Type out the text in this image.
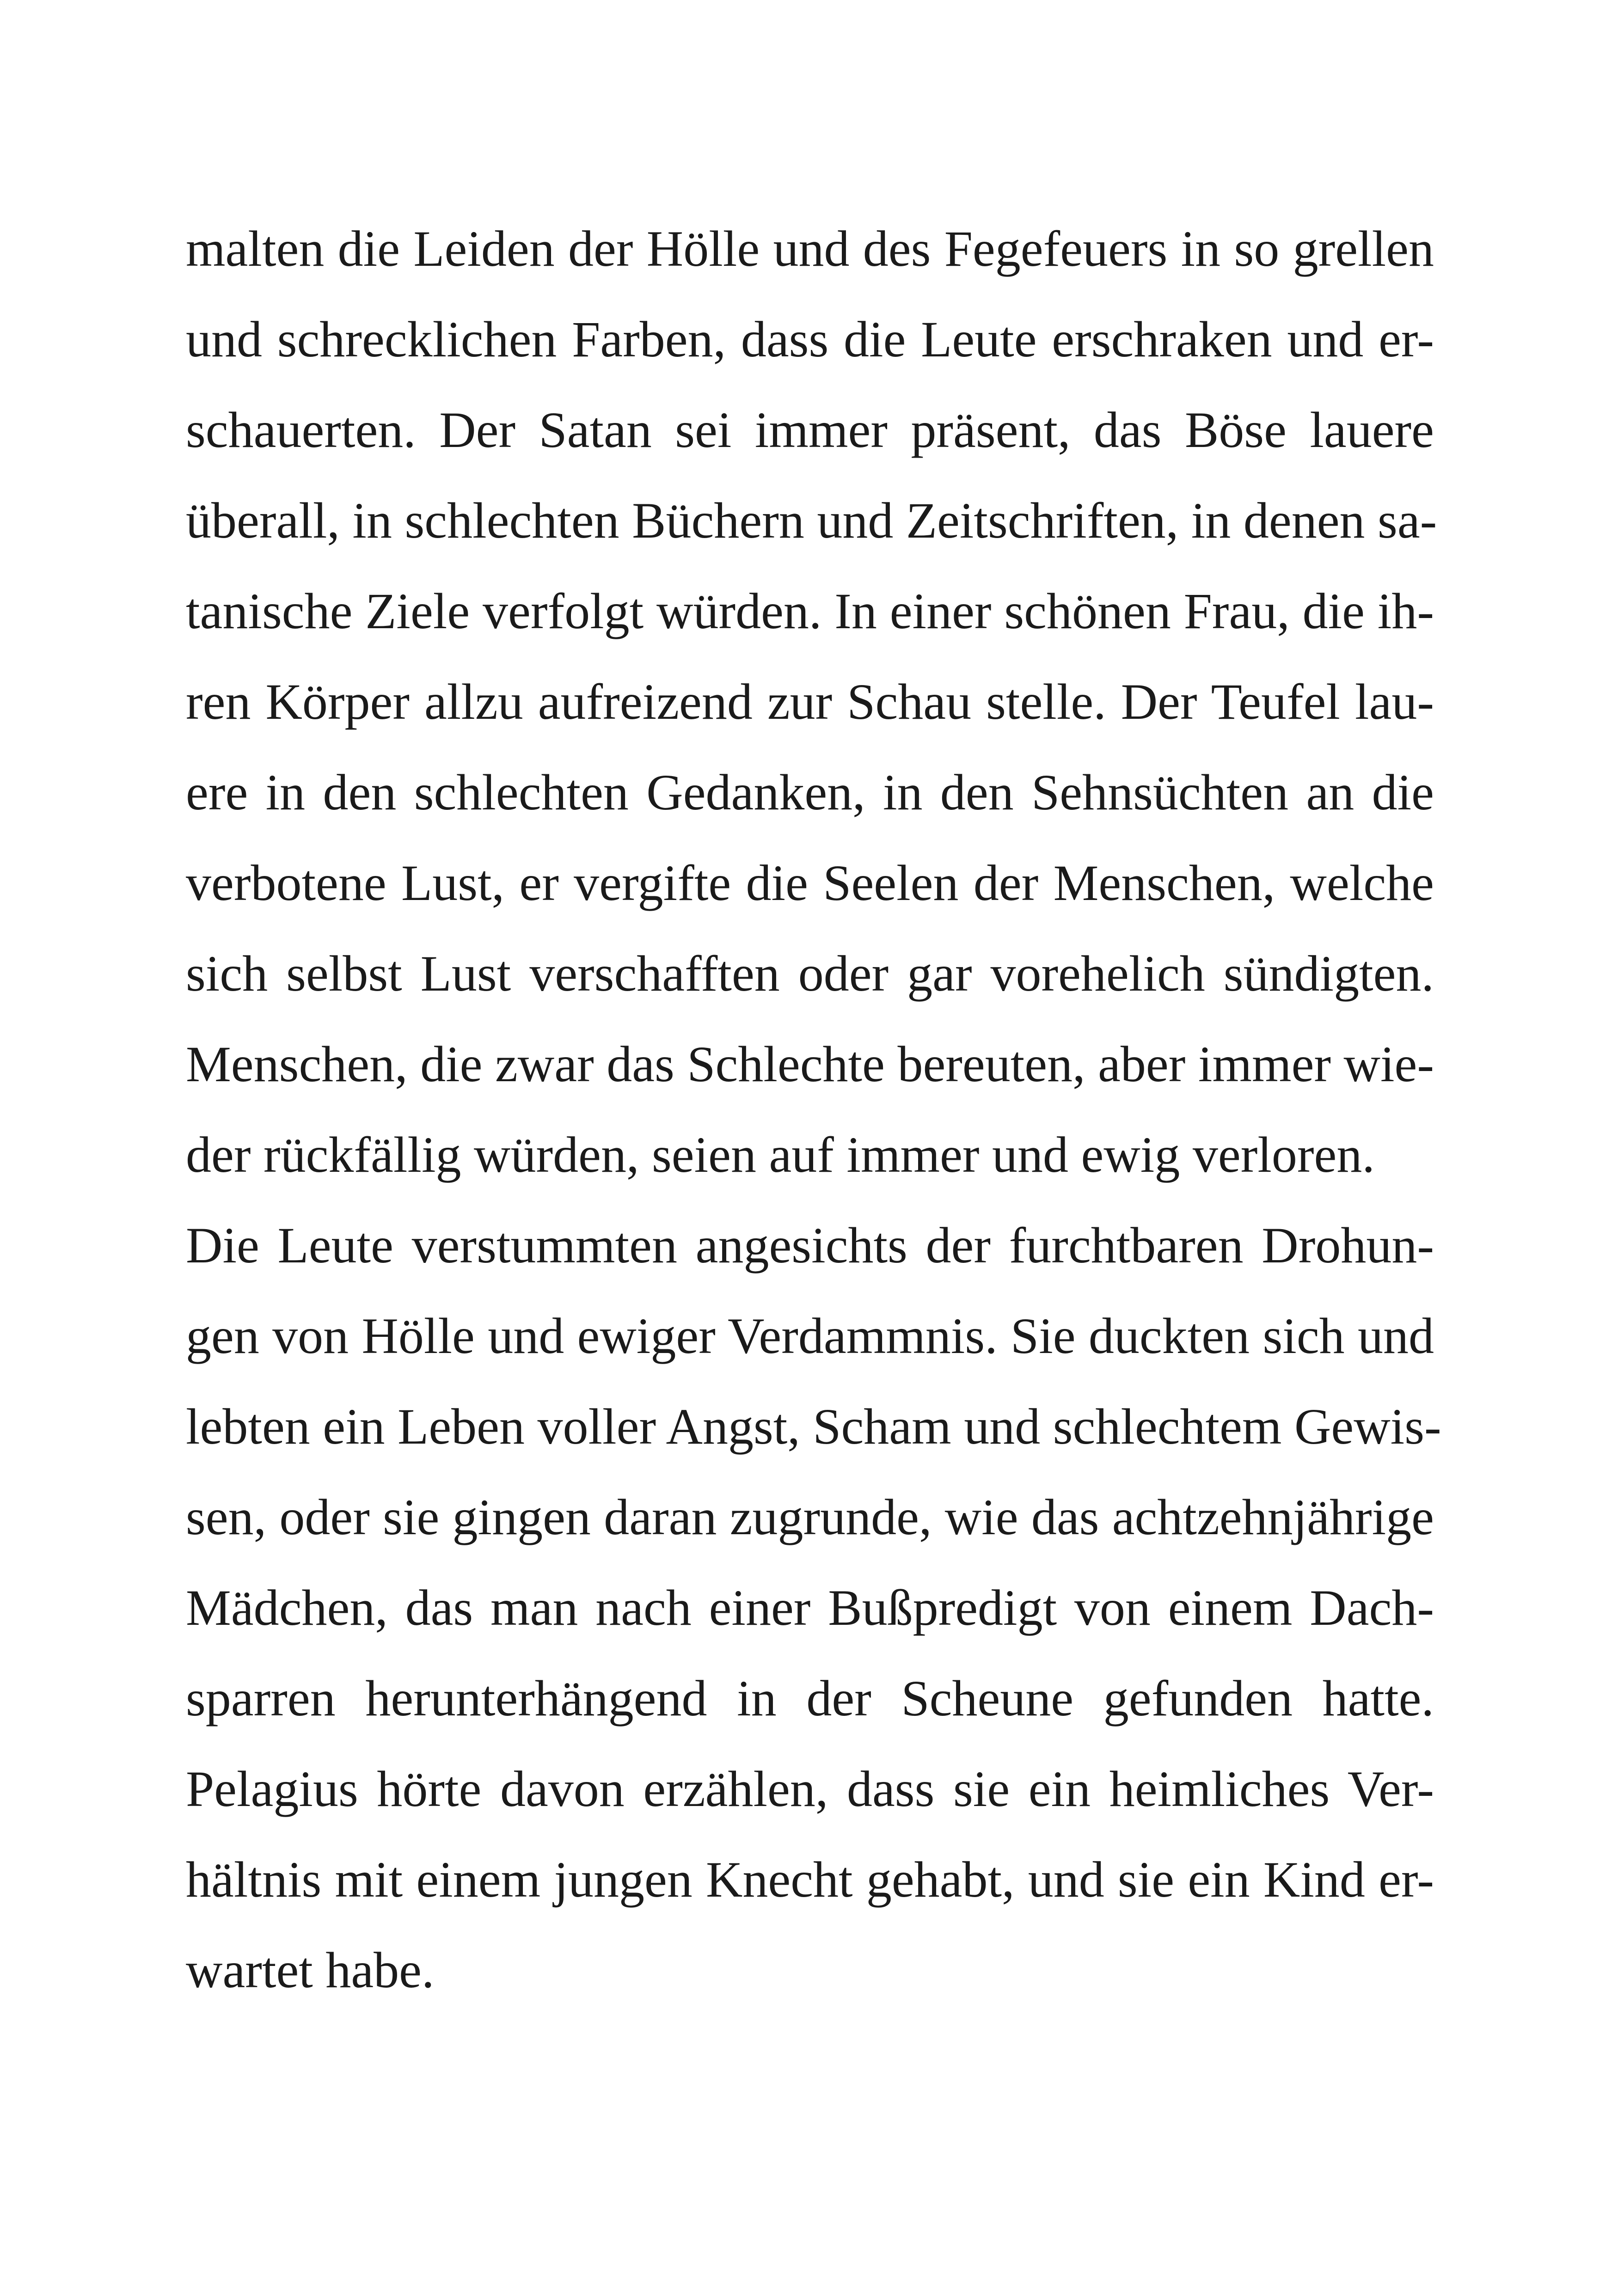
malten die Leiden der Hölle und des Fegefeuers in so grellen
und schrecklichen Farben, dass die Leute erschraken und er-
schauerten. Der Satan sei immer präsent, das Böse lauere
überall, in schlechten Büchern und Zeitschriften, in denen sa-
tanische Ziele verfolgt würden. In einer schönen Frau, die ih-
ren Körper allzu aufreizend zur Schau stelle. Der Teufel lau-
ere in den schlechten Gedanken, in den Sehnsüchten an die
verbotene Lust, er vergifte die Seelen der Menschen, welche
sich selbst Lust verschafften oder gar vorehelich sündigten.
Menschen, die zwar das Schlechte bereuten, aber immer wie-
der rückfällig würden, seien auf immer und ewig verloren.
Die Leute verstummten angesichts der furchtbaren Drohun-
gen von Hölle und ewiger Verdammnis. Sie duckten sich und
lebten ein Leben voller Angst, Scham und schlechtem Gewis-
sen, oder sie gingen daran zugrunde, wie das achtzehnjährige
Mädchen, das man nach einer Bußpredigt von einem Dach-
sparren herunterhängend in der Scheune gefunden hatte.
Pelagius hörte davon erzählen, dass sie ein heimliches Ver-
hältnis mit einem jungen Knecht gehabt, und sie ein Kind er-
wartet habe.
